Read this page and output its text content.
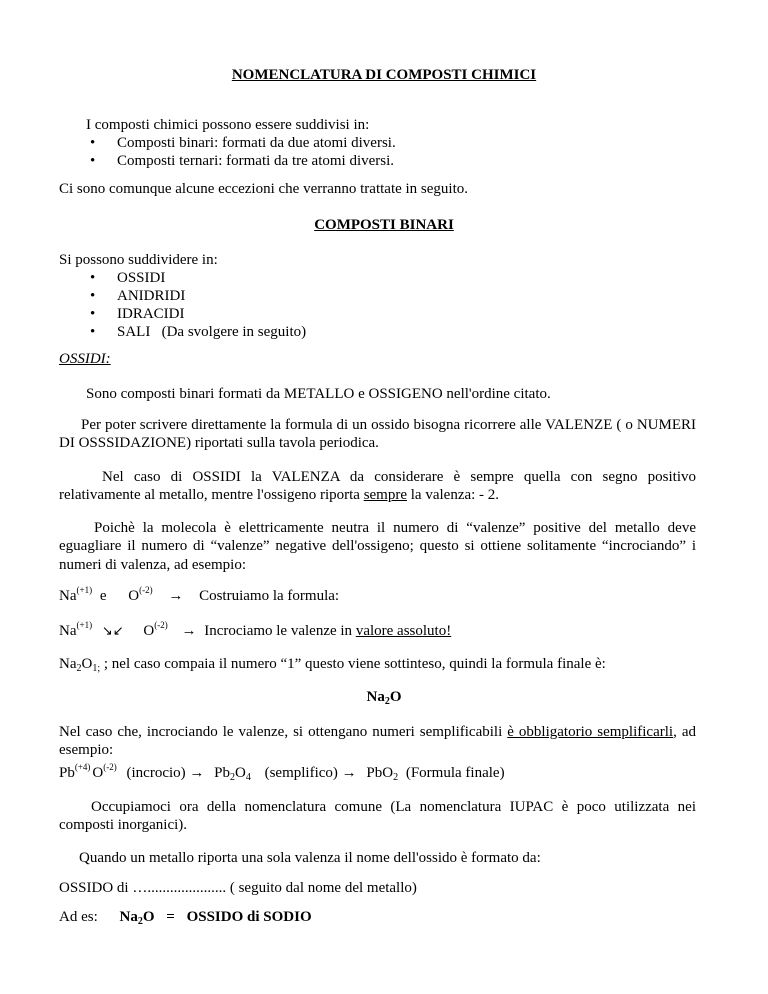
NOMENCLATURA DI COMPOSTI CHIMICI
I composti chimici possono essere suddivisi in:
• Composti binari: formati da due atomi diversi.
• Composti ternari: formati da tre atomi diversi.
Ci sono comunque alcune eccezioni che verranno trattate in seguito.
COMPOSTI BINARI
Si possono suddividere in:
• OSSIDI
• ANIDRIDI
• IDRACIDI
• SALI   (Da svolgere in seguito)
OSSIDI:
Sono composti binari formati da METALLO e OSSIGENO nell'ordine citato.
Per poter scrivere direttamente la formula di un ossido bisogna ricorrere alle VALENZE ( o NUMERI DI OSSSIDAZIONE) riportati sulla tavola periodica.
Nel caso di OSSIDI la VALENZA da considerare è sempre quella con segno positivo relativamente al metallo, mentre l'ossigeno riporta sempre la valenza: - 2.
Poichè la molecola è elettricamente neutra il numero di “valenze” positive del metallo deve eguagliare il numero di “valenze” negative dell'ossigeno; questo si ottiene solitamente “incrociando” i numeri di valenza, ad esempio:
$Na^{(+1)}$ e $O^{(-2)}$ → Costruiamo la formula:
$Na^{(+1)}$ ↘↙ $O^{(-2)}$ → Incrociamo le valenze in valore assoluto!
$Na_2O_{1;}$ ; nel caso compaia il numero “1” questo viene sottinteso, quindi la formula finale è:
$Na_2O$
Nel caso che, incrociando le valenze, si ottengano numeri semplificabili è obbligatorio semplificarli, ad esempio:
$Pb^{(+4)}$ $O^{(-2)}$ (incrocio) → $Pb_2O_4$ (semplifico) → PbO$_2$ (Formula finale)
Occupiamoci ora della nomenclatura comune (La nomenclatura IUPAC è poco utilizzata nei composti inorganici).
Quando un metallo riporta una sola valenza il nome dell'ossido è formato da:
OSSIDO di …..................... ( seguito dal nome del metallo)
Ad es: $Na_2O$ = OSSIDO di SODIO
